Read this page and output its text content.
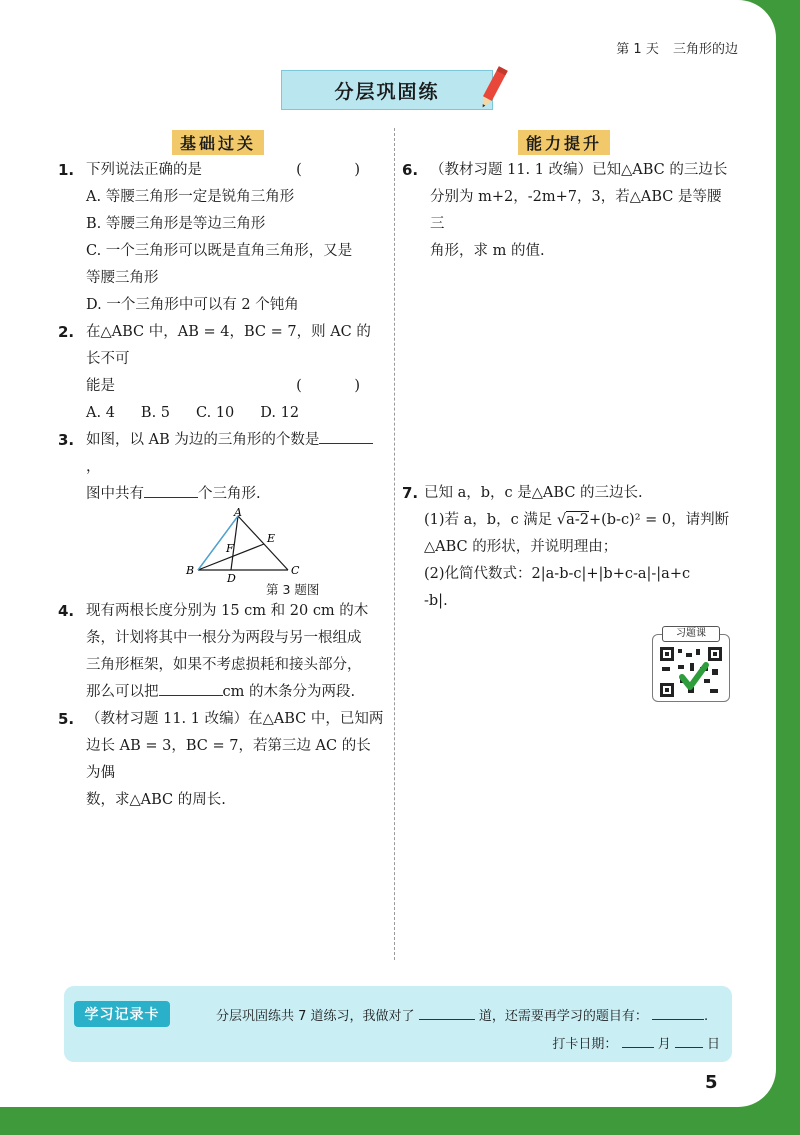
第 1 天 三角形的边
分层巩固练
基础过关	能力提升
1. 下列说法正确的是	( )
A. 等腰三角形一定是锐角三角形
B. 等腰三角形是等边三角形
C. 一个三角形可以既是直角三角形，又是
等腰三角形
D. 一个三角形中可以有 2 个钝角
2. 在△ABC 中，AB = 4，BC = 7，则 AC 的长不可
能是	( )
A. 4 B. 5 C. 10 D. 12
3. 如图，以 AB 为边的三角形的个数是，
图中共有	个三角形.
A
B	C
D
E
F
第 3 题图
4. 现有两根长度分别为 15 cm 和 20 cm 的木
条，计划将其中一根分为两段与另一根组成
三角形框架，如果不考虑损耗和接头部分，
那么可以把	cm 的木条分为两段.
5. （教材习题 11. 1 改编）在△ABC 中，已知两
边长 AB = 3，BC = 7，若第三边 AC 的长为偶
数，求△ABC 的周长.
6. （教材习题 11. 1 改编）已知△ABC 的三边长
分别为 m+2，-2m+7，3，若△ABC 是等腰三
角形，求 m 的值.
7. 已知 a，b，c 是△ABC 的三边长.
(1)若 a，b，c 满足 √a-2+(b-c)² = 0，请判断
△ABC 的形状，并说明理由；
(2)化简代数式：2|a-b-c|+|b+c-a|-|a+c
-b|.
习题课
学习记录卡	分层巩固练共 7 道练习，我做对了	道，还需要再学习的题目有：	.
打卡日期：	月	日
5
